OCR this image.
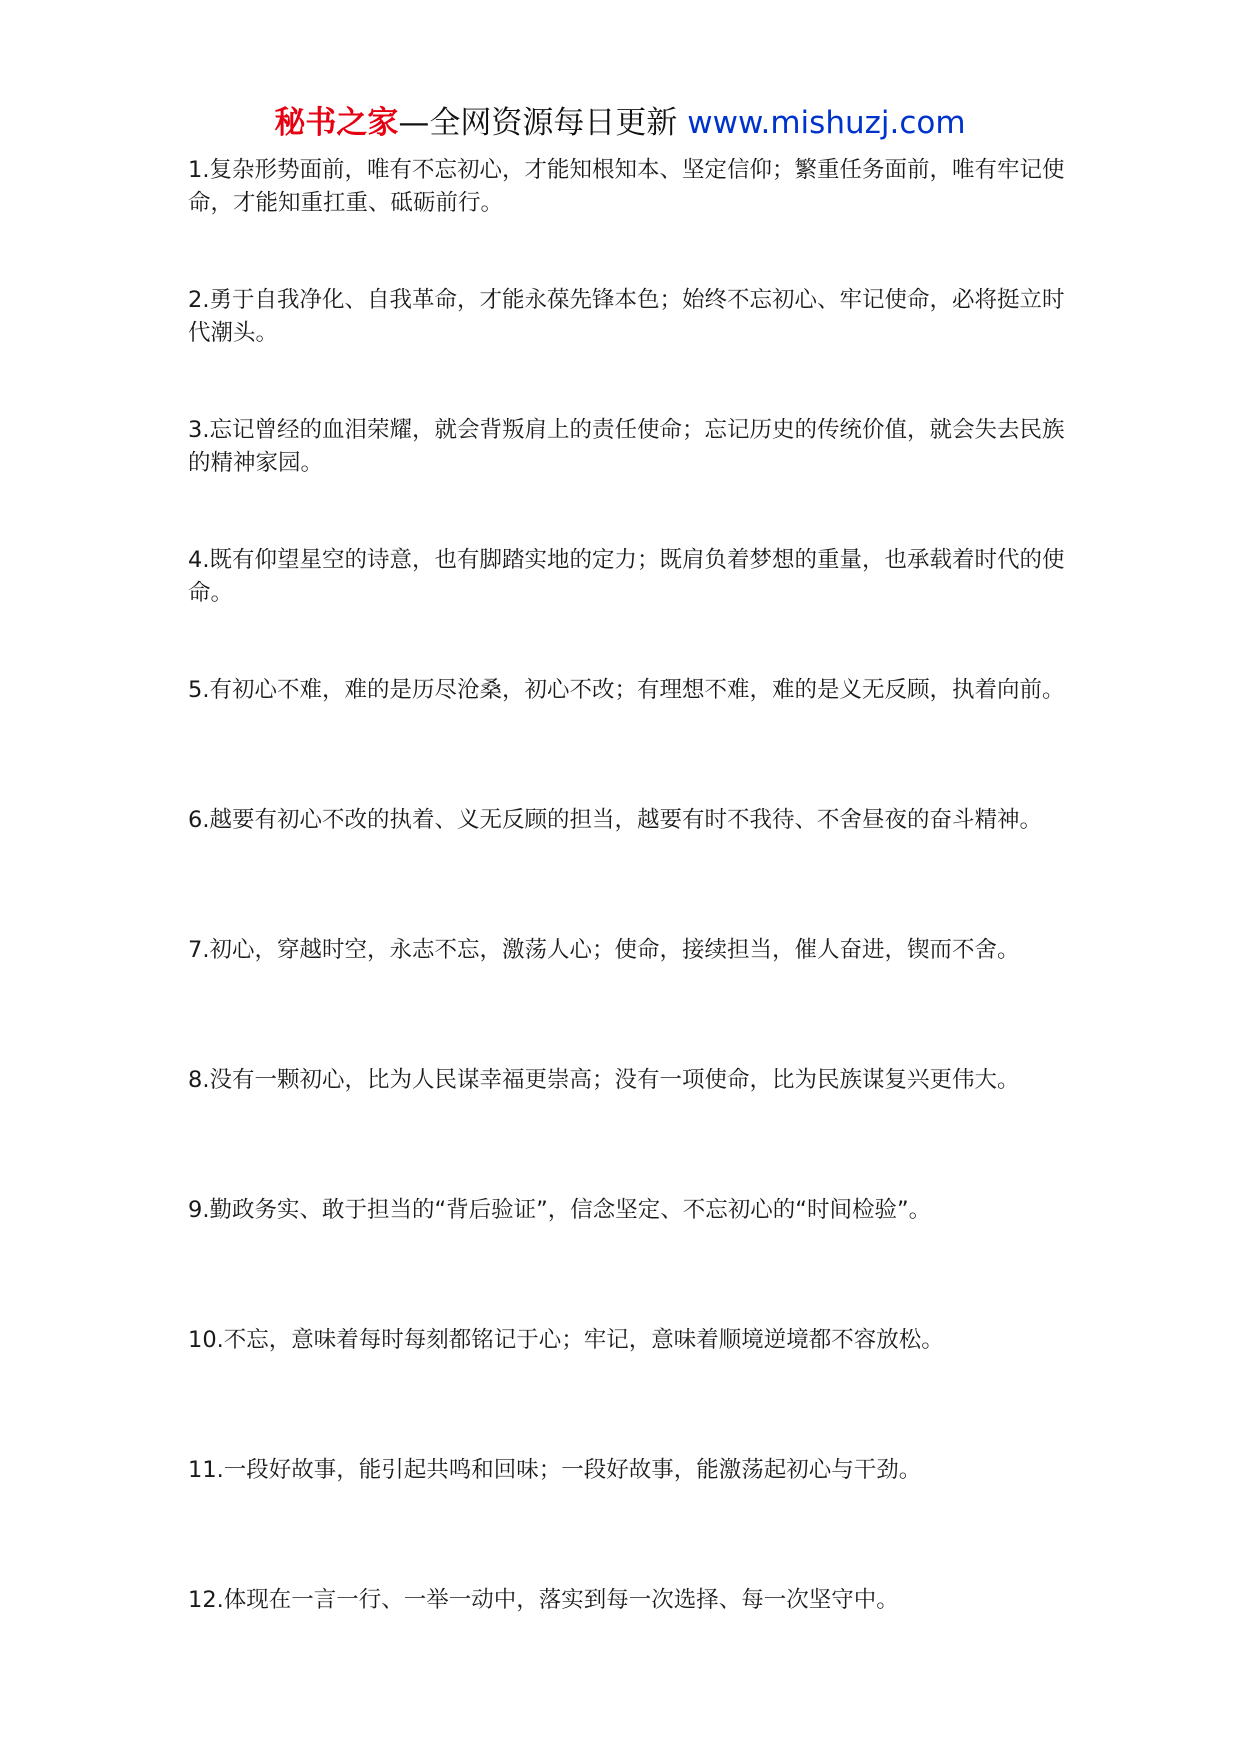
秘书之家—全网资源每日更新 www.mishuzj.com

1.复杂形势面前，唯有不忘初心，才能知根知本、坚定信仰；繁重任务面前，唯有牢记使命，才能知重扛重、砥砺前行。

2.勇于自我净化、自我革命，才能永葆先锋本色；始终不忘初心、牢记使命，必将挺立时代潮头。

3.忘记曾经的血泪荣耀，就会背叛肩上的责任使命；忘记历史的传统价值，就会失去民族的精神家园。

4.既有仰望星空的诗意，也有脚踏实地的定力；既肩负着梦想的重量，也承载着时代的使命。

5.有初心不难，难的是历尽沧桑，初心不改；有理想不难，难的是义无反顾，执着向前。

6.越要有初心不改的执着、义无反顾的担当，越要有时不我待、不舍昼夜的奋斗精神。

7.初心，穿越时空，永志不忘，激荡人心；使命，接续担当，催人奋进，锲而不舍。

8.没有一颗初心，比为人民谋幸福更崇高；没有一项使命，比为民族谋复兴更伟大。

9.勤政务实、敢于担当的“背后验证”，信念坚定、不忘初心的“时间检验”。

10.不忘，意味着每时每刻都铭记于心；牢记，意味着顺境逆境都不容放松。

11.一段好故事，能引起共鸣和回味；一段好故事，能激荡起初心与干劲。

12.体现在一言一行、一举一动中，落实到每一次选择、每一次坚守中。
